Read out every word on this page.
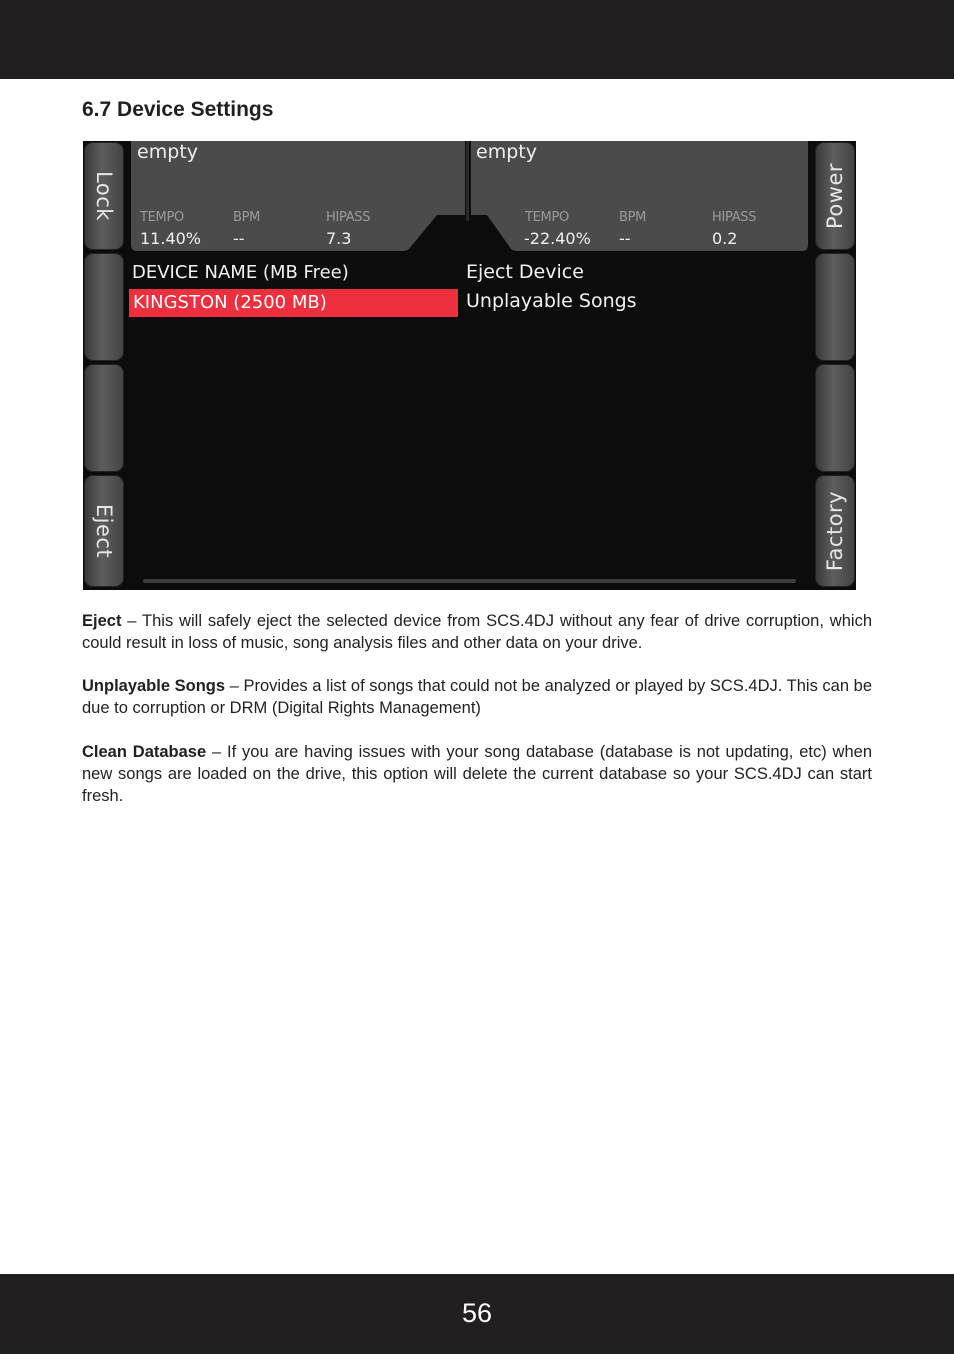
6.7 Device Settings
empty
TEMPO	BPM	HIPASS
11.40% --	7.3
empty
TEMPO	BPM	HIPASS
-22.40% --	0.2
DEVICE NAME (MB Free)
KINGSTON (2500 MB)
Eject Device
Unplayable Songs
Lock
Eject
Power
Factory

Eject – This will safely eject the selected device from SCS.4DJ without any fear of drive corruption, which could result in loss of music, song analysis files and other data on your drive.

Unplayable Songs – Provides a list of songs that could not be analyzed or played by SCS.4DJ. This can be due to corruption or DRM (Digital Rights Management)

Clean Database – If you are having issues with your song database (database is not updating, etc) when new songs are loaded on the drive, this option will delete the current database so your SCS.4DJ can start fresh.

56
